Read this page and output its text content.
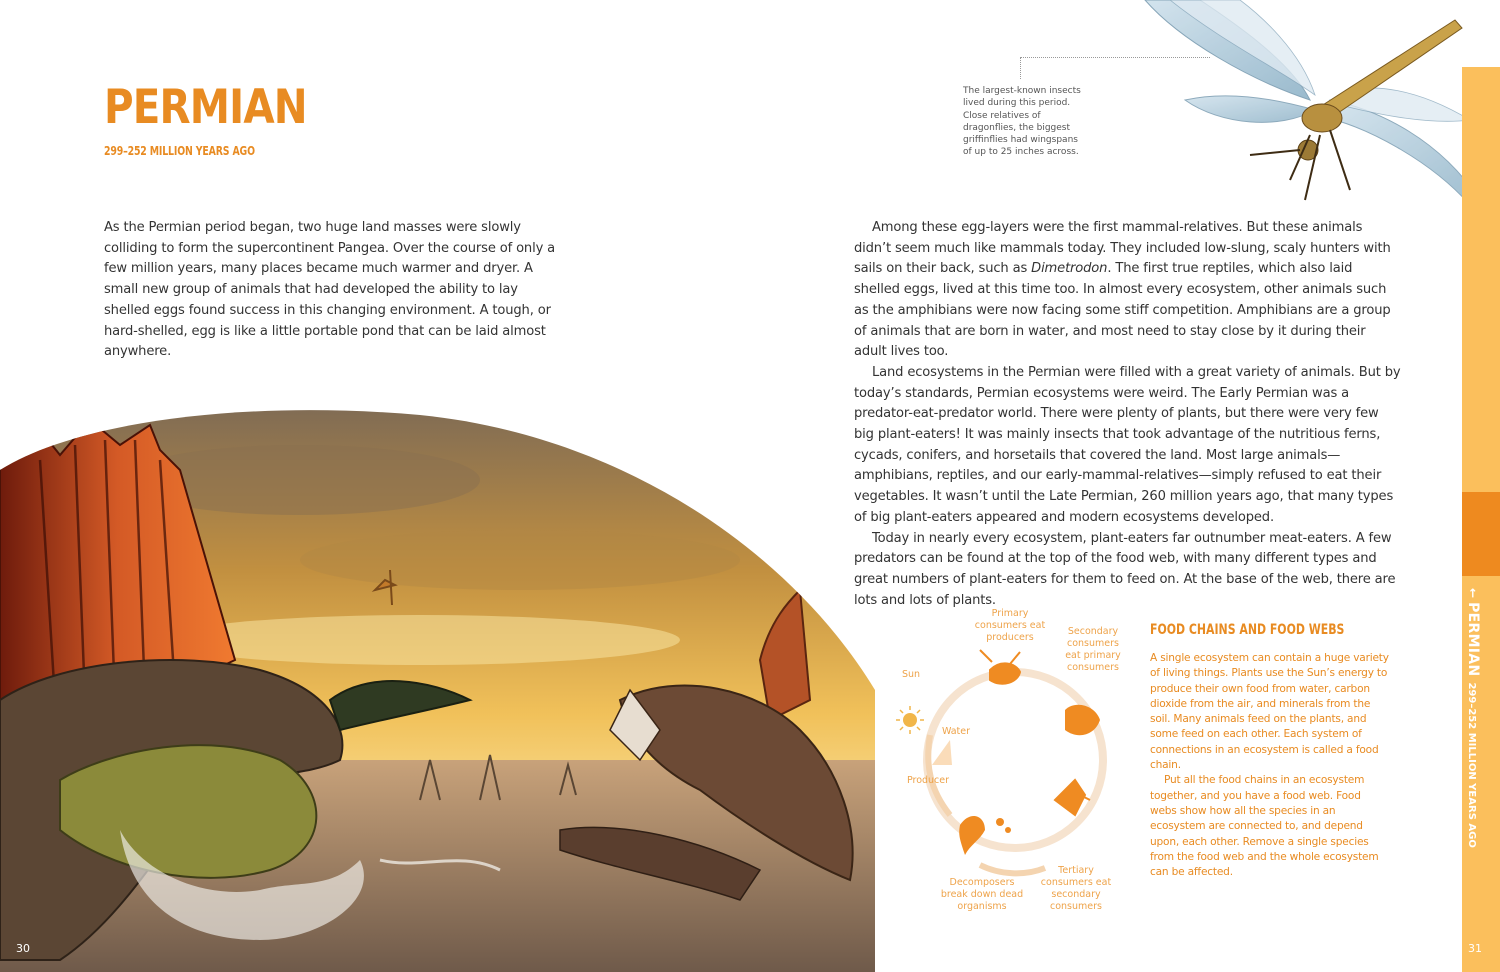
PERMIAN
299–252 MILLION YEARS AGO

As the Permian period began, two huge land masses were slowly colliding to form the supercontinent Pangea. Over the course of only a few million years, many places became much warmer and dryer. A small new group of animals that had developed the ability to lay shelled eggs found success in this changing environment. A tough, or hard-shelled, egg is like a little portable pond that can be laid almost anywhere.

Among these egg-layers were the first mammal-relatives. But these animals didn’t seem much like mammals today. They included low-slung, scaly hunters with sails on their back, such as Dimetrodon. The first true reptiles, which also laid shelled eggs, lived at this time too. In almost every ecosystem, other animals such as the amphibians were now facing some stiff competition. Amphibians are a group of animals that are born in water, and most need to stay close by it during their adult lives too.

Land ecosystems in the Permian were filled with a great variety of animals. But by today’s standards, Permian ecosystems were weird. The Early Permian was a predator-eat-predator world. There were plenty of plants, but there were very few big plant-eaters! It was mainly insects that took advantage of the nutritious ferns, cycads, conifers, and horsetails that covered the land. Most large animals—amphibians, reptiles, and our early-mammal-relatives—simply refused to eat their vegetables. It wasn’t until the Late Permian, 260 million years ago, that many types of big plant-eaters appeared and modern ecosystems developed.

Today in nearly every ecosystem, plant-eaters far outnumber meat-eaters. A few predators can be found at the top of the food web, with many different types and great numbers of plant-eaters for them to feed on. At the base of the web, there are lots and lots of plants.

The largest-known insects lived during this period. Close relatives of dragonflies, the biggest griffinflies had wingspans of up to 25 inches across.
Primary consumers eat producers
Secondary consumers eat primary consumers
Sun
Water
Producer
Tertiary consumers eat secondary consumers
Decomposers break down dead organisms
FOOD CHAINS AND FOOD WEBS

A single ecosystem can contain a huge variety of living things. Plants use the Sun’s energy to produce their own food from water, carbon dioxide from the air, and minerals from the soil. Many animals feed on the plants, and some feed on each other. Each system of connections in an ecosystem is called a food chain.

Put all the food chains in an ecosystem together, and you have a food web. Food webs show how all the species in an ecosystem are connected to, and depend upon, each other. Remove a single species from the food web and the whole ecosystem can be affected.

←PERMIAN299–252 MILLION YEARS AGO
30	31
